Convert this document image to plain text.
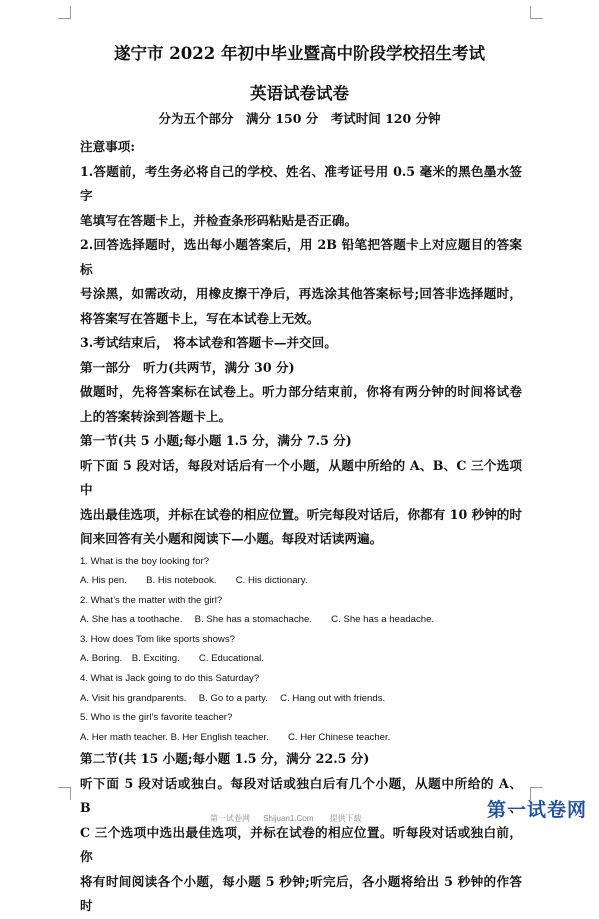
遂宁市 2022 年初中毕业暨高中阶段学校招生考试
英语试卷试卷
分为五个部分　满分 150 分　考试时间 120 分钟

注意事项:

1.答题前，考生务必将自己的学校、姓名、准考证号用 0.5 毫米的黑色墨水签字

笔填写在答题卡上，并检查条形码粘贴是否正确。

2.回答选择题时，选出每小题答案后，用 2B 铅笔把答题卡上对应题目的答案标

号涂黑，如需改动，用橡皮擦干净后，再选涂其他答案标号;回答非选择题时，

将答案写在答题卡上，写在本试卷上无效。

3.考试结束后， 将本试卷和答题卡—并交回。

第一部分　听力(共两节，满分 30 分)

做题时，先将答案标在试卷上。听力部分结束前，你将有两分钟的时间将试卷

上的答案转涂到答题卡上。

第一节(共 5 小题;每小题 1.5 分，满分 7.5 分)

听下面 5 段对话，每段对话后有一个小题，从题中所给的 A、B、C 三个选项中

选出最佳选项，并标在试卷的相应位置。听完每段对话后，你都有 10 秒钟的时

间来回答有关小题和阅读下—小题。每段对话读两遍。

1. What is the boy looking for?

A. His pen.　　B. His notebook.　　C. His dictionary.

2. What’s the matter with the girl?

A. She has a toothache.　 B. She has a stomachache.　　C. She has a headache.

3. How does Tom like sports shows?

A. Boring.　B. Exciting.　　C. Educational.

4. What is Jack going to do this Saturday?

A. Visit his grandparents.　 B. Go to a party.　 C. Hang out with friends.

5. Who is the girl’s favorite teacher?

A. Her math teacher. B. Her English teacher.　　C. Her Chinese teacher.

第二节(共 15 小题;每小题 1.5 分，满分 22.5 分)

听下面 5 段对话或独白。每段对话或独白后有几个小题，从题中所给的 A、B、

C 三个选项中选出最佳选项，并标在试卷的相应位置。听每段对话或独白前，你

将有时间阅读各个小题，每小题 5 秒钟;听完后，各小题将给出 5 秒钟的作答时

第一试卷网　 Shijuan1.Com　　提供下载	第一试卷网
